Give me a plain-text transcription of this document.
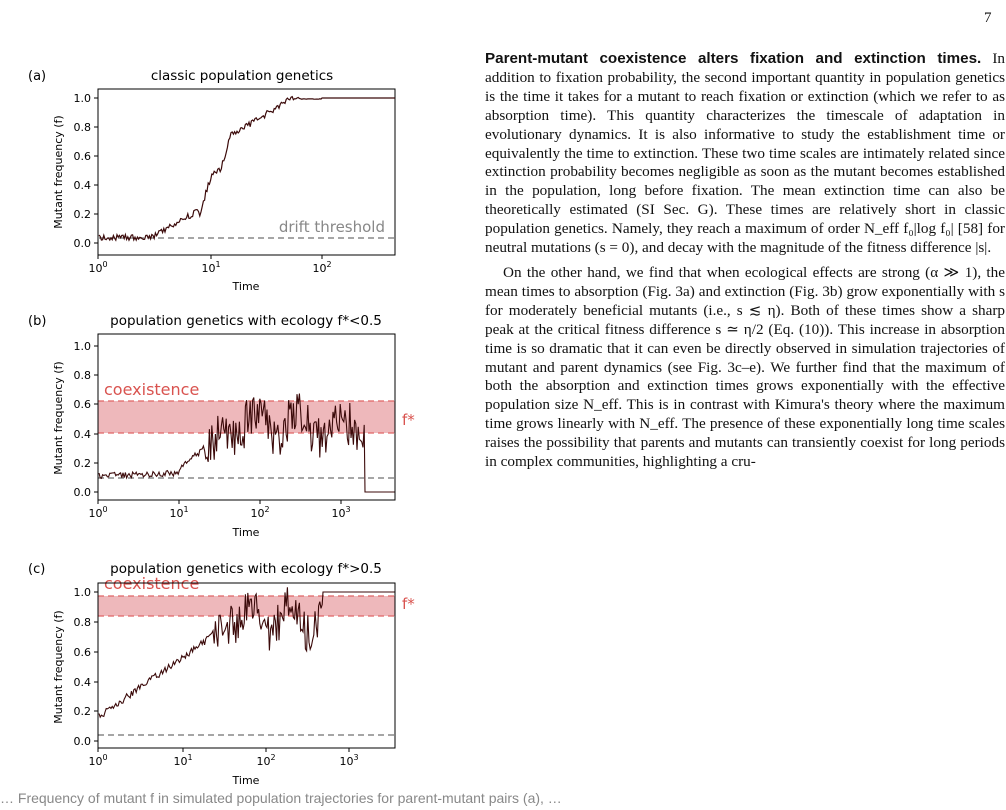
7
(a)	classic population genetics
drift threshold
0.0
0.2
0.4
0.6
0.8
1.0
$10^0$	$10^1$	$10^2$
Time
Mutant frequency (f)
(b)	population genetics with ecology f*<0.5
coexistence
f*
0.0
0.2
0.4
0.6
0.8
1.0
$10^0$	$10^1$	$10^2$	$10^3$
Time
Mutant frequency (f)
(c)	population genetics with ecology f*>0.5
coexistence
f*
0.0
0.2
0.4
0.6
0.8
1.0
$10^0$	$10^1$	$10^2$	$10^3$
Time
Mutant frequency (f)
… Frequency of mutant f in simulated population trajectories for parent-mutant pairs (a), …

Parent-mutant coexistence alters fixation and extinction times. In addition to fixation probability, the second important quantity in population genetics is the time it takes for a mutant to reach fixation or extinction (which we refer to as absorption time). This quantity characterizes the timescale of adaptation in evolutionary dynamics. It is also informative to study the establishment time or equivalently the time to extinction. These two time scales are intimately related since extinction probability becomes negligible as soon as the mutant becomes established in the population, long before fixation. The mean extinction time can also be theoretically estimated (SI Sec. G). These times are relatively short in classic population genetics. Namely, they reach a maximum of order N_eff f₀|log f₀| [58] for neutral mutations (s = 0), and decay with the magnitude of the fitness difference |s|.

On the other hand, we find that when ecological effects are strong (α ≫ 1), the mean times to absorption (Fig. 3a) and extinction (Fig. 3b) grow exponentially with s for moderately beneficial mutants (i.e., s ≲ η). Both of these times show a sharp peak at the critical fitness difference s ≃ η/2 (Eq. (10)). This increase in absorption time is so dramatic that it can even be directly observed in simulation trajectories of mutant and parent dynamics (see Fig. 3c–e). We further find that the maximum of both the absorption and extinction times grows exponentially with the effective population size N_eff. This is in contrast with Kimura's theory where the maximum time grows linearly with N_eff. The presence of these exponentially long time scales raises the possibility that parents and mutants can transiently coexist for long periods in complex communities, highlighting a cru-
